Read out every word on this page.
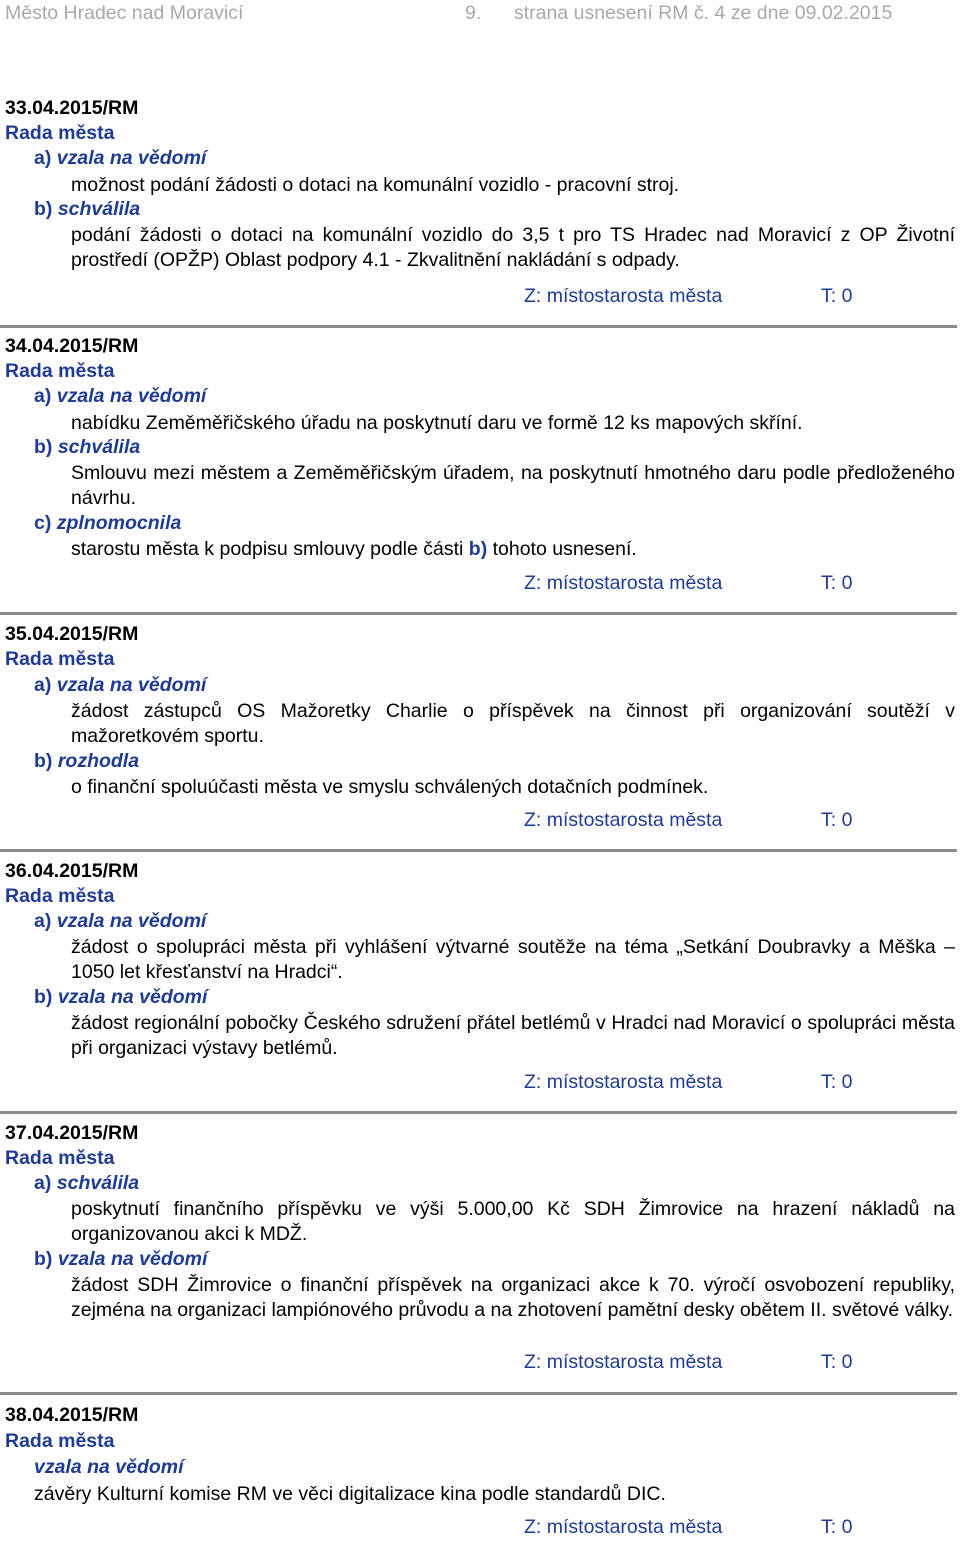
Město Hradec nad Moravicí	9. strana usnesení RM č. 4 ze dne 09.02.2015
33.04.2015/RM
Rada města
a) vzala na vědomí
možnost podání žádosti o dotaci na komunální vozidlo - pracovní stroj.
b) schválila
podání žádosti o dotaci na komunální vozidlo do 3,5 t pro TS Hradec nad Moravicí z OP Životní prostředí (OPŽP) Oblast podpory 4.1 - Zkvalitnění nakládání s odpady.
Z: místostarosta města	T: 0
34.04.2015/RM
Rada města
a) vzala na vědomí
nabídku Zeměměřičského úřadu na poskytnutí daru ve formě 12 ks mapových skříní.
b) schválila
Smlouvu mezi městem a Zeměměřičským úřadem, na poskytnutí hmotného daru podle předloženého návrhu.
c) zplnomocnila
starostu města k podpisu smlouvy podle části b) tohoto usnesení.
Z: místostarosta města	T: 0
35.04.2015/RM
Rada města
a) vzala na vědomí
žádost zástupců OS Mažoretky Charlie o příspěvek na činnost při organizování soutěží v mažoretkovém sportu.
b) rozhodla
o finanční spoluúčasti města ve smyslu schválených dotačních podmínek.
Z: místostarosta města	T: 0
36.04.2015/RM
Rada města
a) vzala na vědomí
žádost o spolupráci města při vyhlášení výtvarné soutěže na téma „Setkání Doubravky a Měška – 1050 let křesťanství na Hradci“.
b) vzala na vědomí
žádost regionální pobočky Českého sdružení přátel betlémů v Hradci nad Moravicí o spolupráci města při organizaci výstavy betlémů.
Z: místostarosta města	T: 0
37.04.2015/RM
Rada města
a) schválila
poskytnutí finančního příspěvku ve výši 5.000,00 Kč SDH Žimrovice na hrazení nákladů na organizovanou akci k MDŽ.
b) vzala na vědomí
žádost SDH Žimrovice o finanční příspěvek na organizaci akce k 70. výročí osvobození republiky, zejména na organizaci lampiónového průvodu a na zhotovení pamětní desky obětem II. světové války.
Z: místostarosta města	T: 0
38.04.2015/RM
Rada města
vzala na vědomí
závěry Kulturní komise RM ve věci digitalizace kina podle standardů DIC.
Z: místostarosta města	T: 0
